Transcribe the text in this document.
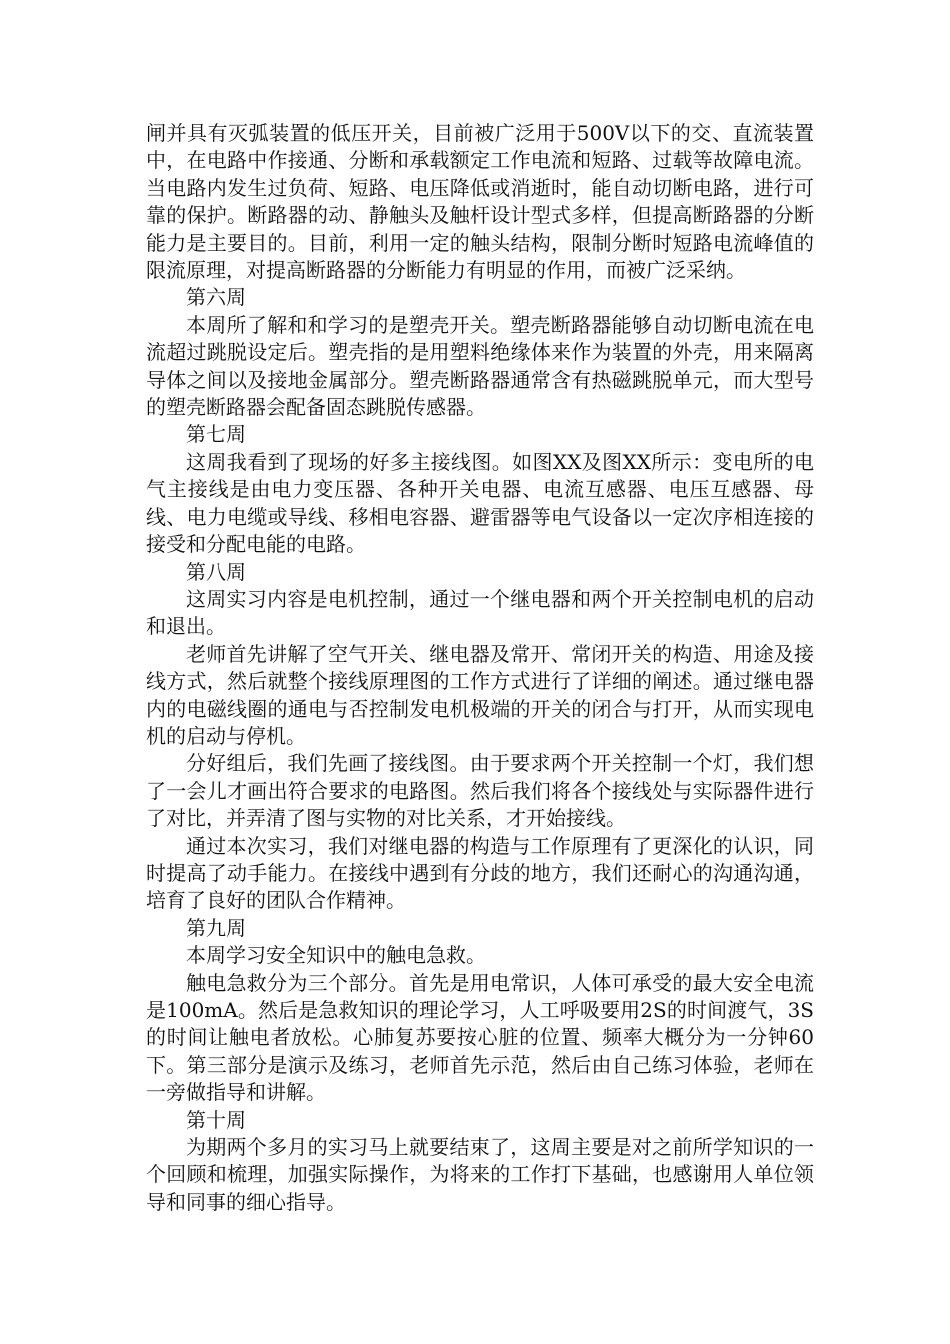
闸并具有灭弧装置的低压开关，目前被广泛用于500V以下的交、直流装置中，在电路中作接通、分断和承载额定工作电流和短路、过载等故障电流。当电路内发生过负荷、短路、电压降低或消逝时，能自动切断电路，进行可靠的保护。断路器的动、静触头及触杆设计型式多样，但提高断路器的分断能力是主要目的。目前，利用一定的触头结构，限制分断时短路电流峰值的限流原理，对提高断路器的分断能力有明显的作用，而被广泛采纳。

第六周

本周所了解和和学习的是塑壳开关。塑壳断路器能够自动切断电流在电流超过跳脱设定后。塑壳指的是用塑料绝缘体来作为装置的外壳，用来隔离导体之间以及接地金属部分。塑壳断路器通常含有热磁跳脱单元，而大型号的塑壳断路器会配备固态跳脱传感器。

第七周

这周我看到了现场的好多主接线图。如图XX及图XX所示：变电所的电气主接线是由电力变压器、各种开关电器、电流互感器、电压互感器、母线、电力电缆或导线、移相电容器、避雷器等电气设备以一定次序相连接的接受和分配电能的电路。

第八周

这周实习内容是电机控制，通过一个继电器和两个开关控制电机的启动和退出。

老师首先讲解了空气开关、继电器及常开、常闭开关的构造、用途及接线方式，然后就整个接线原理图的工作方式进行了详细的阐述。通过继电器内的电磁线圈的通电与否控制发电机极端的开关的闭合与打开，从而实现电机的启动与停机。

分好组后，我们先画了接线图。由于要求两个开关控制一个灯，我们想了一会儿才画出符合要求的电路图。然后我们将各个接线处与实际器件进行了对比，并弄清了图与实物的对比关系，才开始接线。

通过本次实习，我们对继电器的构造与工作原理有了更深化的认识，同时提高了动手能力。在接线中遇到有分歧的地方，我们还耐心的沟通沟通，培育了良好的团队合作精神。

第九周

本周学习安全知识中的触电急救。

触电急救分为三个部分。首先是用电常识，人体可承受的最大安全电流是100mA。然后是急救知识的理论学习，人工呼吸要用2S的时间渡气，3S的时间让触电者放松。心肺复苏要按心脏的位置、频率大概分为一分钟60下。第三部分是演示及练习，老师首先示范，然后由自己练习体验，老师在一旁做指导和讲解。

第十周

为期两个多月的实习马上就要结束了，这周主要是对之前所学知识的一个回顾和梳理，加强实际操作，为将来的工作打下基础，也感谢用人单位领导和同事的细心指导。
